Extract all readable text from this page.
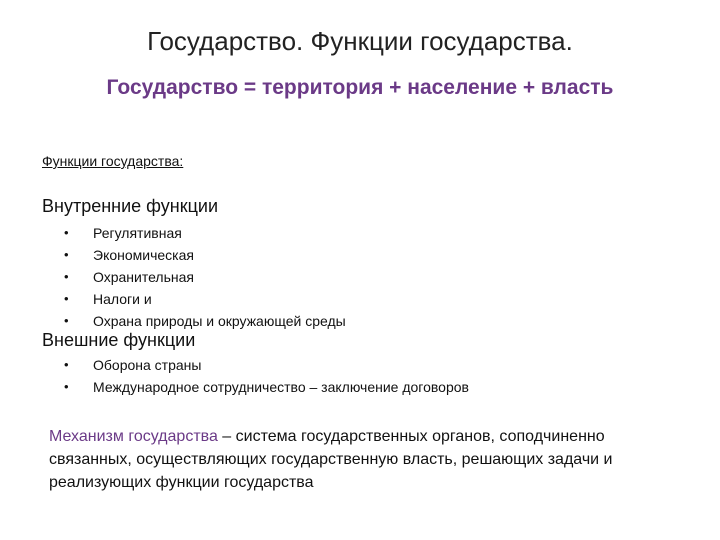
Государство. Функции государства.
Государство = территория + население + власть
Функции государства:
Внутренние функции
•	Регулятивная
•	Экономическая
•	Охранительная
•	Налоги и
•	Охрана природы и окружающей среды
Внешние функции
•	Оборона страны
•	Международное сотрудничество – заключение договоров
Механизм государства – система государственных органов, соподчиненно связанных, осуществляющих государственную власть, решающих задачи и реализующих функции государства
